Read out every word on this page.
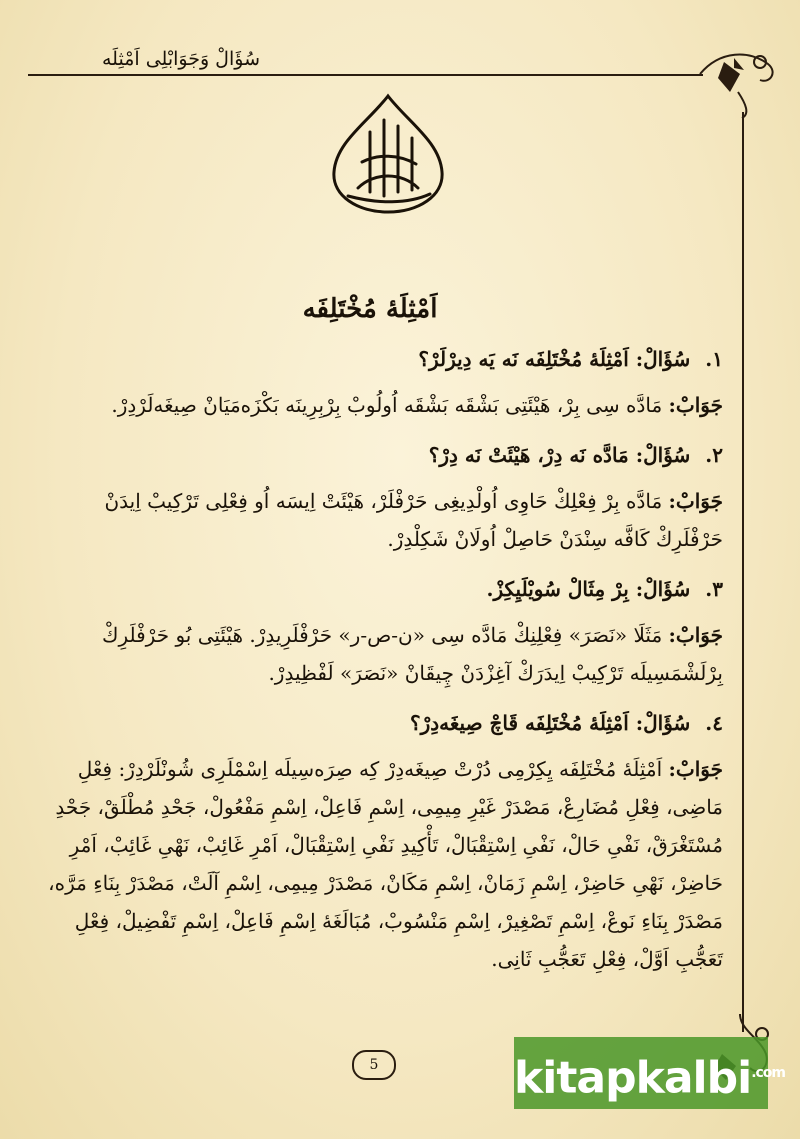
سُؤَالْ وَجَوَابْلِى اَمْثِلَه
اَمْثِلَهٔ مُخْتَلِفَه

١. سُؤَالْ: اَمْثِلَهٔ مُخْتَلِفَه نَه يَه دِيرْلَرْ؟

جَوَابْ: مَادَّه سِى بِرْ، هَيْئَتِى بَشْقَه بَشْقَه اُولُوبْ بِرْبِرِينَه بَكْزَه‌مَيَانْ صِيغَه‌لَرْدِرْ.

٢. سُؤَالْ: مَادَّه نَه دِرْ، هَيْئَتْ نَه دِرْ؟

جَوَابْ: مَادَّه بِرْ فِعْلِكْ حَاوِى اُولْدِيغِى حَرْفْلَرْ، هَيْئَتْ اِيسَه اُو فِعْلِى تَرْكِيبْ اِيدَنْ حَرْفْلَرِكْ كَافَّه سِنْدَنْ حَاصِلْ اُولَانْ شَكِلْدِرْ.

٣. سُؤَالْ: بِرْ مِثَالْ سُويْلَيِكِزْ.

جَوَابْ: مَثَلَا «نَصَرَ» فِعْلِنِكْ مَادَّه سِى «ن-ص-ر» حَرْفْلَرِيدِرْ. هَيْئَتِى بُو حَرْفْلَرِكْ بِرْلَشْمَسِيلَه تَرْكِيبْ اِيدَرَكْ آغِزْدَنْ چِيقَانْ «نَصَرَ» لَفْظِيدِرْ.

٤. سُؤَالْ: اَمْثِلَهٔ مُخْتَلِفَه قَاچْ صِيغَه‌دِرْ؟

جَوَابْ: اَمْثِلَهٔ مُخْتَلِفَه يِكِرْمِى دُرْتْ صِيغَه‌دِرْ كِه صِرَه‌سِيلَه اِسْمْلَرِى شُونْلَرْدِرْ: فِعْلِ مَاضِى، فِعْلِ مُضَارِعْ، مَصْدَرْ غَيْرِ مِيمِى، اِسْمِ فَاعِلْ، اِسْمِ مَفْعُولْ، جَحْدِ مُطْلَقْ، جَحْدِ مُسْتَغْرَقْ، نَفْىِ حَالْ، نَفْىِ اِسْتِقْبَالْ، تَأْكِيدِ نَفْىِ اِسْتِقْبَالْ، اَمْرِ غَائِبْ، نَهْىِ غَائِبْ، اَمْرِ حَاضِرْ، نَهْىِ حَاضِرْ، اِسْمِ زَمَانْ، اِسْمِ مَكَانْ، مَصْدَرْ مِيمِى، اِسْمِ آلَتْ، مَصْدَرْ بِنَاءِ مَرَّه، مَصْدَرْ بِنَاءِ نَوعْ، اِسْمِ تَصْغِيرْ، اِسْمِ مَنْسُوبْ، مُبَالَغَهٔ اِسْمِ فَاعِلْ، اِسْمِ تَفْضِيلْ، فِعْلِ تَعَجُّبِ اَوَّلْ، فِعْلِ تَعَجُّبِ ثَانِى.

5	kitapkalbi$^{.com}$
